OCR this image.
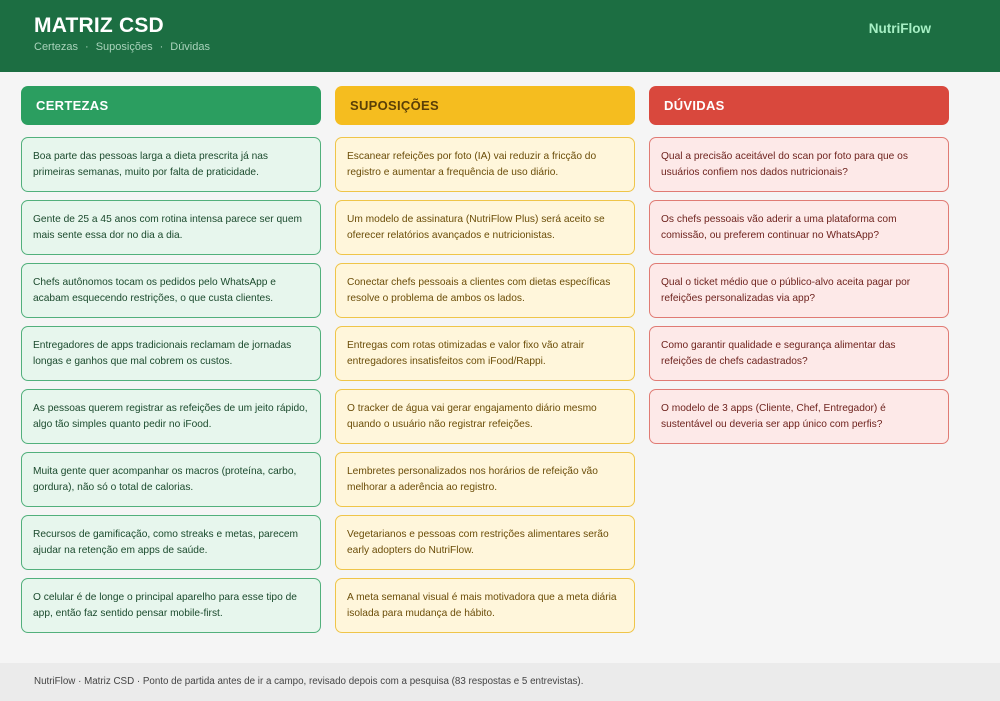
MATRIZ CSD
Certezas · Suposições · Dúvidas
NutriFlow
CERTEZAS
Boa parte das pessoas larga a dieta prescrita já nas primeiras semanas, muito por falta de praticidade.
Gente de 25 a 45 anos com rotina intensa parece ser quem mais sente essa dor no dia a dia.
Chefs autônomos tocam os pedidos pelo WhatsApp e acabam esquecendo restrições, o que custa clientes.
Entregadores de apps tradicionais reclamam de jornadas longas e ganhos que mal cobrem os custos.
As pessoas querem registrar as refeições de um jeito rápido, algo tão simples quanto pedir no iFood.
Muita gente quer acompanhar os macros (proteína, carbo, gordura), não só o total de calorias.
Recursos de gamificação, como streaks e metas, parecem ajudar na retenção em apps de saúde.
O celular é de longe o principal aparelho para esse tipo de app, então faz sentido pensar mobile-first.
SUPOSIÇÕES
Escanear refeições por foto (IA) vai reduzir a fricção do registro e aumentar a frequência de uso diário.
Um modelo de assinatura (NutriFlow Plus) será aceito se oferecer relatórios avançados e nutricionistas.
Conectar chefs pessoais a clientes com dietas específicas resolve o problema de ambos os lados.
Entregas com rotas otimizadas e valor fixo vão atrair entregadores insatisfeitos com iFood/Rappi.
O tracker de água vai gerar engajamento diário mesmo quando o usuário não registrar refeições.
Lembretes personalizados nos horários de refeição vão melhorar a aderência ao registro.
Vegetarianos e pessoas com restrições alimentares serão early adopters do NutriFlow.
A meta semanal visual é mais motivadora que a meta diária isolada para mudança de hábito.
DÚVIDAS
Qual a precisão aceitável do scan por foto para que os usuários confiem nos dados nutricionais?
Os chefs pessoais vão aderir a uma plataforma com comissão, ou preferem continuar no WhatsApp?
Qual o ticket médio que o público-alvo aceita pagar por refeições personalizadas via app?
Como garantir qualidade e segurança alimentar das refeições de chefs cadastrados?
O modelo de 3 apps (Cliente, Chef, Entregador) é sustentável ou deveria ser app único com perfis?
NutriFlow · Matriz CSD · Ponto de partida antes de ir a campo, revisado depois com a pesquisa (83 respostas e 5 entrevistas).
